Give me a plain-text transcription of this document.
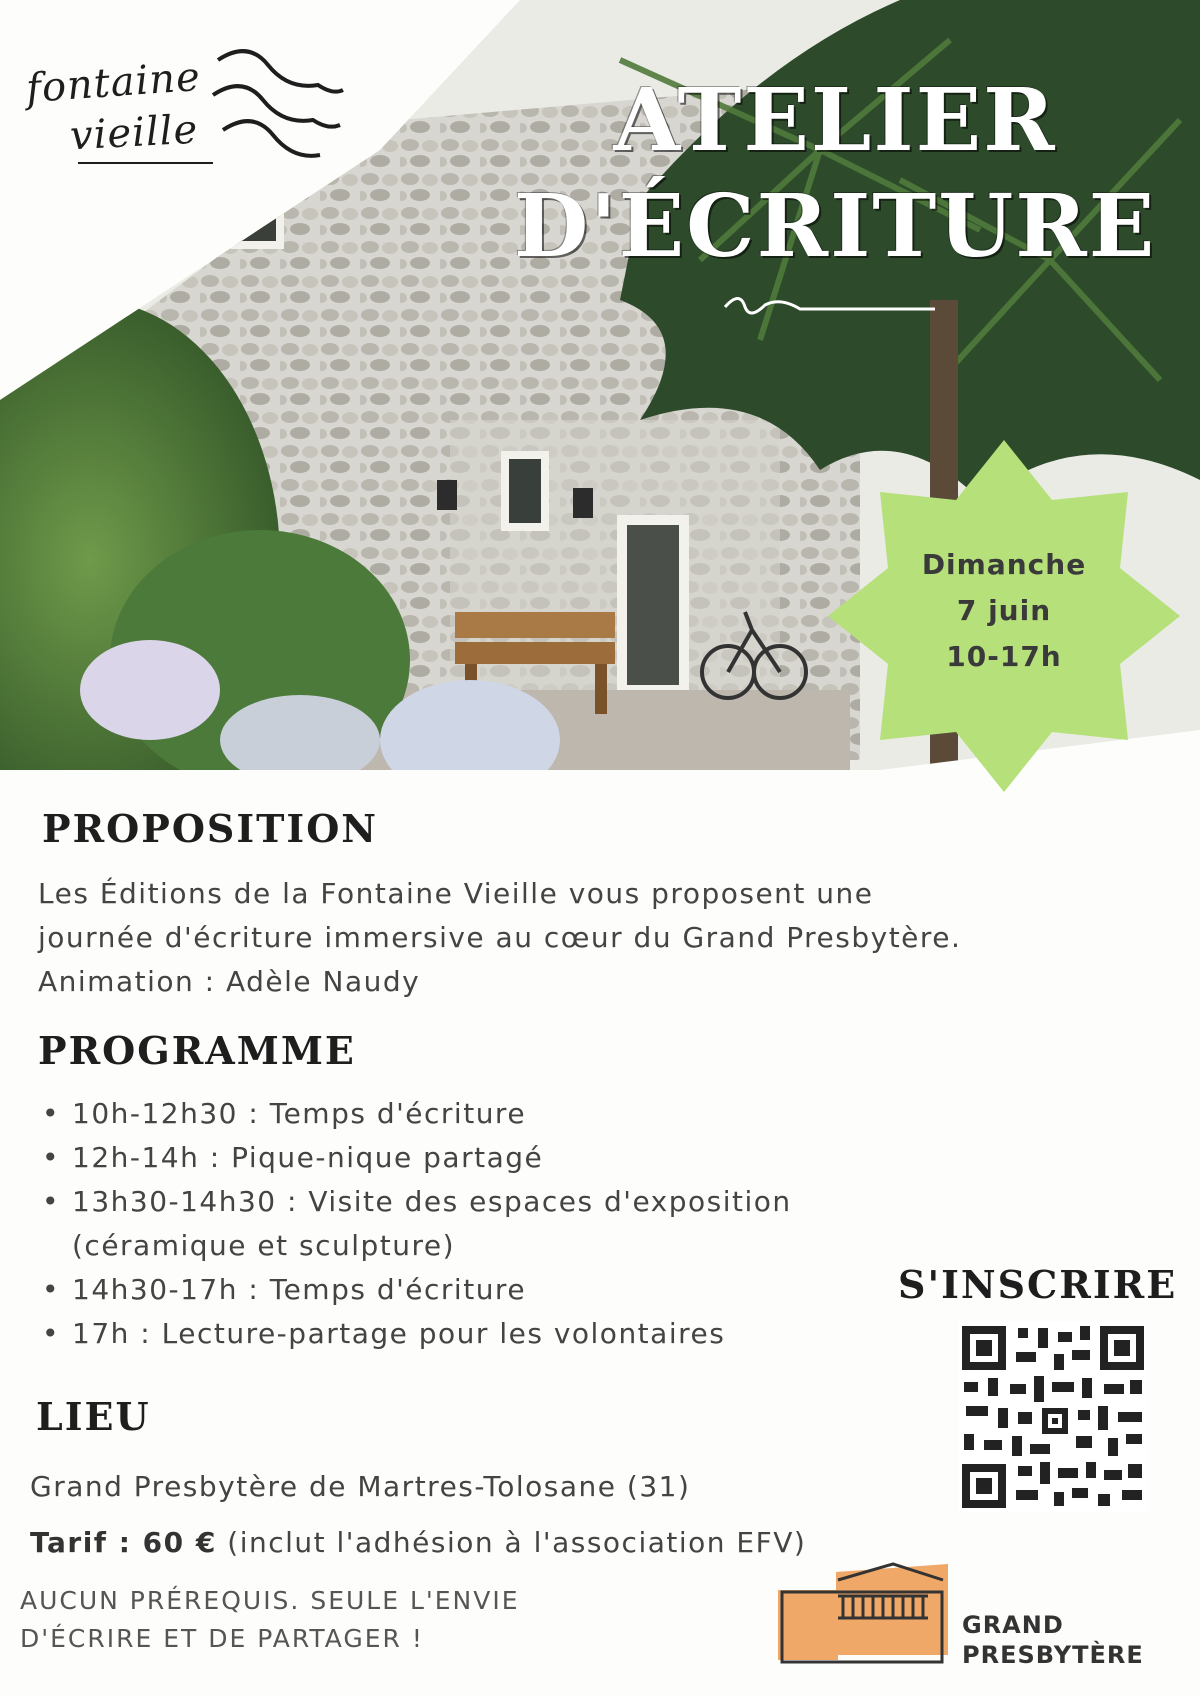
fontaine
vieille	ATELIER
D'ÉCRITURE
Dimanche
7 juin
10-17h
PROPOSITION

Les Éditions de la Fontaine Vieille vous proposent une
journée d'écriture immersive au cœur du Grand Presbytère.
Animation : Adèle Naudy

PROGRAMME
• 10h-12h30 : Temps d'écriture
• 12h-14h : Pique-nique partagé
• 13h30-14h30 : Visite des espaces d'exposition
(céramique et sculpture)
• 14h30-17h : Temps d'écriture
• 17h : Lecture-partage pour les volontaires
S'INSCRIRE
LIEU
Grand Presbytère de Martres-Tolosane (31)
Tarif : 60 € (inclut l'adhésion à l'association EFV)
AUCUN PRÉREQUIS. SEULE L'ENVIE
D'ÉCRIRE ET DE PARTAGER !	GRAND
PRESBYTÈRE
